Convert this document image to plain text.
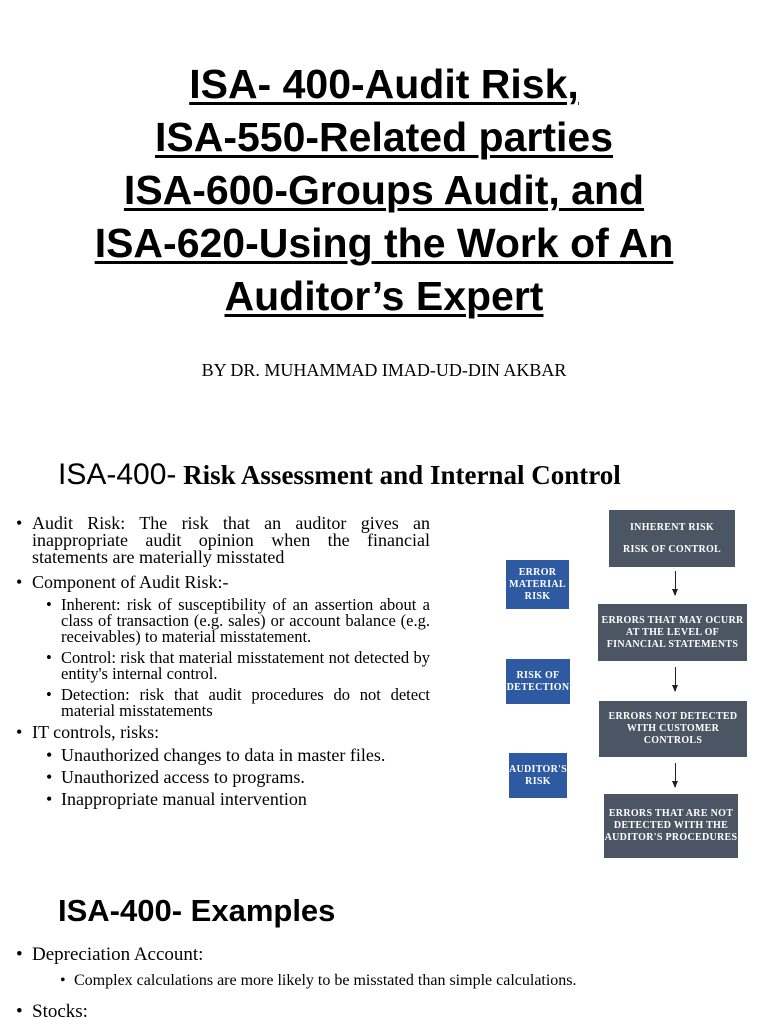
ISA- 400-Audit Risk,
ISA-550-Related parties
ISA-600-Groups Audit, and
ISA-620-Using the Work of An
Auditor’s Expert
BY DR. MUHAMMAD IMAD-UD-DIN AKBAR
ISA-400- Risk Assessment and Internal Control
• Audit Risk: The risk that an auditor gives an inappropriate audit opinion when the financial statements are materially misstated
• Component of Audit Risk:-
• Inherent: risk of susceptibility of an assertion about a class of transaction (e.g. sales) or account balance (e.g. receivables) to material misstatement.
• Control: risk that material misstatement not detected by entity's internal control.
• Detection: risk that audit procedures do not detect material misstatements
• IT controls, risks:
• Unauthorized changes to data in master files.
• Unauthorized access to programs.
• Inappropriate manual intervention
ERROR MATERIAL RISK
RISK OF DETECTION
AUDITOR'S RISK
INHERENT RISK
RISK OF CONTROL
ERRORS THAT MAY OCURR AT THE LEVEL OF FINANCIAL STATEMENTS
ERRORS NOT DETECTED WITH CUSTOMER CONTROLS
ERRORS THAT ARE NOT DETECTED WITH THE AUDITOR'S PROCEDURES
ISA-400- Examples
• Depreciation Account:
• Complex calculations are more likely to be misstated than simple calculations.
• Stocks:
